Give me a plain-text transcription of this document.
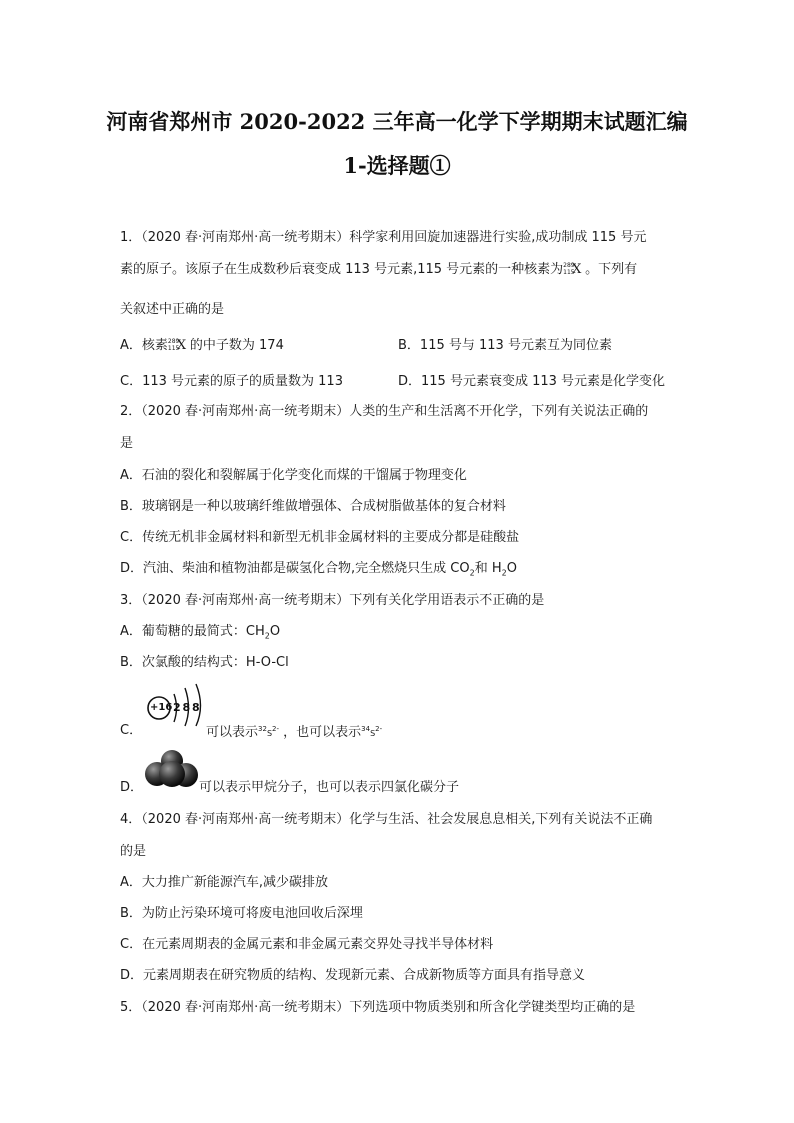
河南省郑州市 2020-2022 三年高一化学下学期期末试题汇编
1-选择题①
1．（2020 春·河南郑州·高一统考期末）科学家利用回旋加速器进行实验,成功制成 115 号元
素的原子。该原子在生成数秒后衰变成 113 号元素,115 号元素的一种核素为 289
115
X 。下列有
关叙述中正确的是
A．核素 289
115
X 的中子数为 174	B．115 号与 113 号元素互为同位素
C．113 号元素的原子的质量数为 113	D．115 号元素衰变成 113 号元素是化学变化
2．（2020 春·河南郑州·高一统考期末）人类的生产和生活离不开化学，下列有关说法正确的
是
A．石油的裂化和裂解属于化学变化而煤的干馏属于物理变化
B．玻璃钢是一种以玻璃纤维做增强体、合成树脂做基体的复合材料
C．传统无机非金属材料和新型无机非金属材料的主要成分都是硅酸盐
D．汽油、柴油和植物油都是碳氢化合物,完全燃烧只生成 $CO_2$和 $H_2O$
3．（2020 春·河南郑州·高一统考期末）下列有关化学用语表示不正确的是
A．葡萄糖的最简式：$CH_2O$
B．次氯酸的结构式：H-O-Cl
C．
+16 2 8 8
可以表示$^{32}S^{2-}$ ，也可以表示$^{34}S^{2-}$
D．	可以表示甲烷分子，也可以表示四氯化碳分子
4．（2020 春·河南郑州·高一统考期末）化学与生活、社会发展息息相关,下列有关说法不正确
的是
A．大力推广新能源汽车,减少碳排放
B．为防止污染环境可将废电池回收后深埋
C．在元素周期表的金属元素和非金属元素交界处寻找半导体材料
D．元素周期表在研究物质的结构、发现新元素、合成新物质等方面具有指导意义
5．（2020 春·河南郑州·高一统考期末）下列选项中物质类别和所含化学键类型均正确的是
